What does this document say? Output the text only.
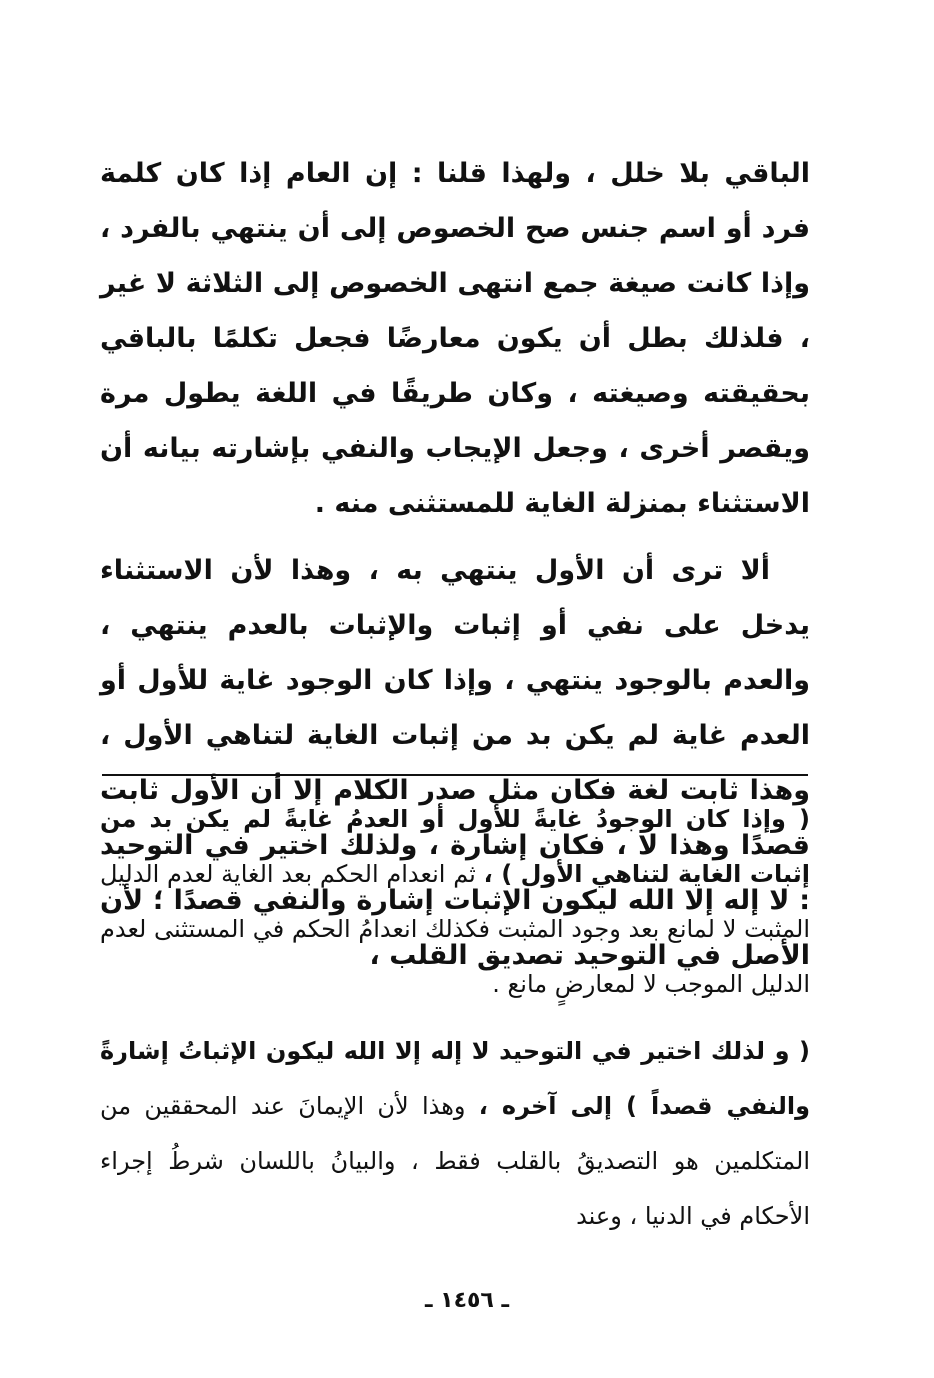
الباقي بلا خلل ، ولهذا قلنا : إن العام إذا كان كلمة فرد أو اسم جنس صح الخصوص إلى أن ينتهي بالفرد ، وإذا كانت صيغة جمع انتهى الخصوص إلى الثلاثة لا غير ، فلذلك بطل أن يكون معارضًا فجعل تكلمًا بالباقي بحقيقته وصيغته ، وكان طريقًا في اللغة يطول مرة ويقصر أخرى ، وجعل الإيجاب والنفي بإشارته بيانه أن الاستثناء بمنزلة الغاية للمستثنى منه .

ألا ترى أن الأول ينتهي به ، وهذا لأن الاستثناء يدخل على نفي أو إثبات والإثبات بالعدم ينتهي ، والعدم بالوجود ينتهي ، وإذا كان الوجود غاية للأول أو العدم غاية لم يكن بد من إثبات الغاية لتناهي الأول ، وهذا ثابت لغة فكان مثل صدر الكلام إلا أن الأول ثابت قصدًا وهذا لا ، فكان إشارة ، ولذلك اختير في التوحيد : لا إله إلا الله ليكون الإثبات إشارة والنفي قصدًا ؛ لأن الأصل في التوحيد تصديق القلب ،

( وإذا كان الوجودُ غايةً للأول أو العدمُ غايةً لم يكن بد من إثبات الغاية لتناهي الأول ) ، ثم انعدام الحكم بعد الغاية لعدم الدليل المثبت لا لمانع بعد وجود المثبت فكذلك انعدامُ الحكم في المستثنى لعدم الدليل الموجب لا لمعارضٍ مانع .

( و لذلك اختير في التوحيد لا إله إلا الله ليكون الإثباتُ إشارةً والنفي قصداً ) إلى آخره ، وهذا لأن الإيمانَ عند المحققين من المتكلمين هو التصديقُ بالقلب فقط ، والبيانُ باللسان شرطُ إجراء الأحكام في الدنيا ، وعند

ـ ١٤٥٦ ـ
